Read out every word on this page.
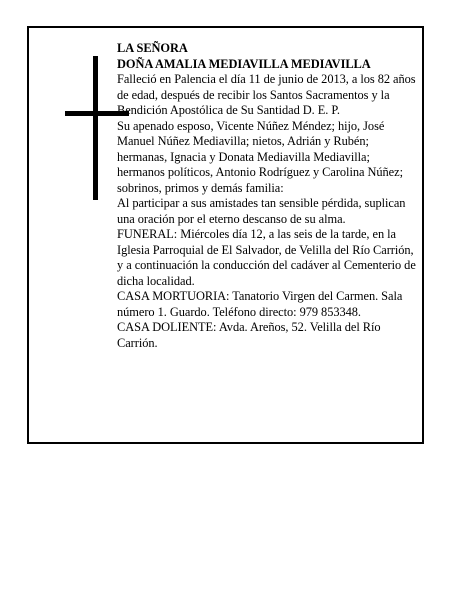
LA SEÑORA

DOÑA AMALIA MEDIAVILLA MEDIAVILLA

Falleció en Palencia el día 11 de junio de 2013, a los 82 años de edad, después de recibir los Santos Sacramentos y la Bendición Apostólica de Su Santidad D. E. P.

Su apenado esposo, Vicente Núñez Méndez; hijo, José Manuel Núñez Mediavilla; nietos, Adrián y Rubén; hermanas, Ignacia y Donata Mediavilla Mediavilla; hermanos políticos, Antonio Rodríguez y Carolina Núñez; sobrinos, primos y demás familia:

Al participar a sus amistades tan sensible pérdida, suplican una oración por el eterno descanso de su alma.

FUNERAL: Miércoles día 12, a las seis de la tarde, en la Iglesia Parroquial de El Salvador, de Velilla del Río Carrión, y a continuación la conducción del cadáver al Cementerio de dicha localidad.

CASA MORTUORIA: Tanatorio Virgen del Carmen. Sala número 1. Guardo. Teléfono directo: 979 853348.

CASA DOLIENTE: Avda. Areños, 52. Velilla del Río Carrión.
